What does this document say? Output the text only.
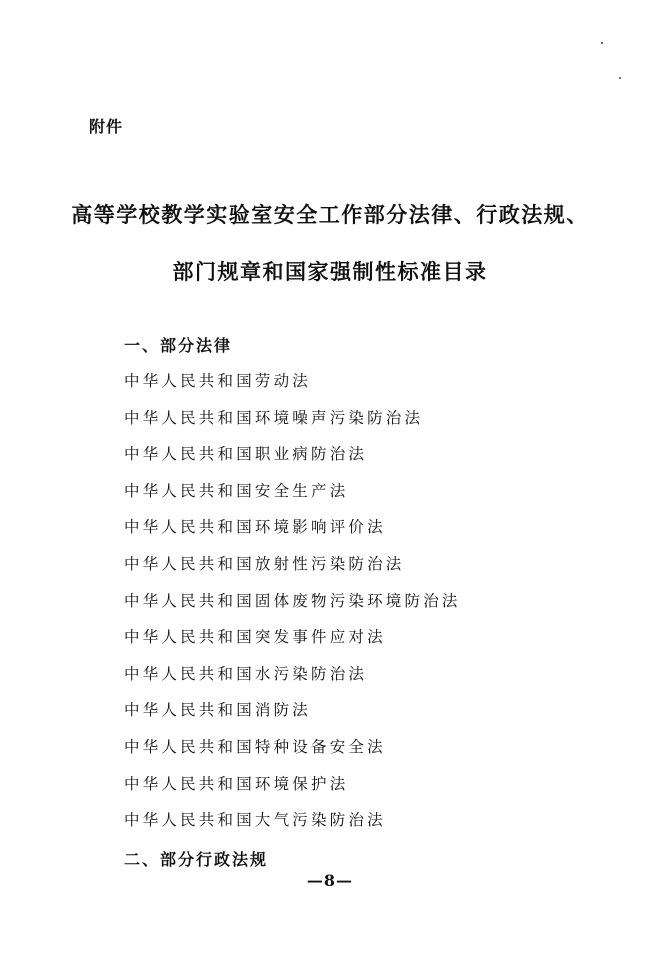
附件
高等学校教学实验室安全工作部分法律、行政法规、
部门规章和国家强制性标准目录
一、部分法律
中华人民共和国劳动法
中华人民共和国环境噪声污染防治法
中华人民共和国职业病防治法
中华人民共和国安全生产法
中华人民共和国环境影响评价法
中华人民共和国放射性污染防治法
中华人民共和国固体废物污染环境防治法
中华人民共和国突发事件应对法
中华人民共和国水污染防治法
中华人民共和国消防法
中华人民共和国特种设备安全法
中华人民共和国环境保护法
中华人民共和国大气污染防治法
二、部分行政法规
—8—
